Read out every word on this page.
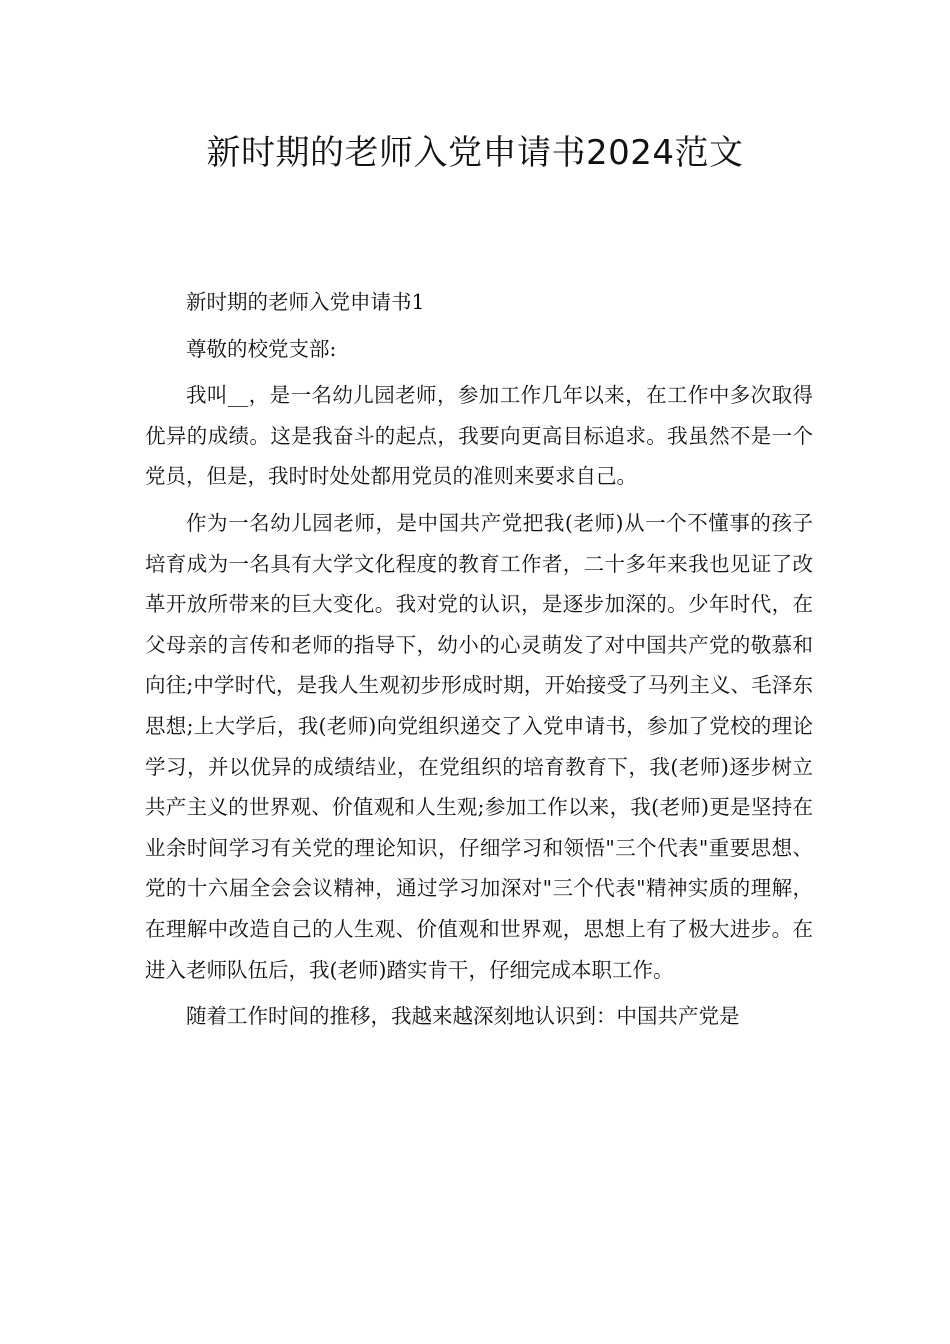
新时期的老师入党申请书2024范文

新时期的老师入党申请书1

尊敬的校党支部:

我叫__，是一名幼儿园老师，参加工作几年以来，在工作中多次取得优异的成绩。这是我奋斗的起点，我要向更高目标追求。我虽然不是一个党员，但是，我时时处处都用党员的准则来要求自己。

作为一名幼儿园老师，是中国共产党把我(老师)从一个不懂事的孩子培育成为一名具有大学文化程度的教育工作者，二十多年来我也见证了改革开放所带来的巨大变化。我对党的认识，是逐步加深的。少年时代，在父母亲的言传和老师的指导下，幼小的心灵萌发了对中国共产党的敬慕和向往;中学时代，是我人生观初步形成时期，开始接受了马列主义、毛泽东思想;上大学后，我(老师)向党组织递交了入党申请书，参加了党校的理论学习，并以优异的成绩结业，在党组织的培育教育下，我(老师)逐步树立共产主义的世界观、价值观和人生观;参加工作以来，我(老师)更是坚持在业余时间学习有关党的理论知识，仔细学习和领悟"三个代表"重要思想、党的十六届全会会议精神，通过学习加深对"三个代表"精神实质的理解，在理解中改造自己的人生观、价值观和世界观，思想上有了极大进步。在进入老师队伍后，我(老师)踏实肯干，仔细完成本职工作。

随着工作时间的推移，我越来越深刻地认识到：中国共产党是
